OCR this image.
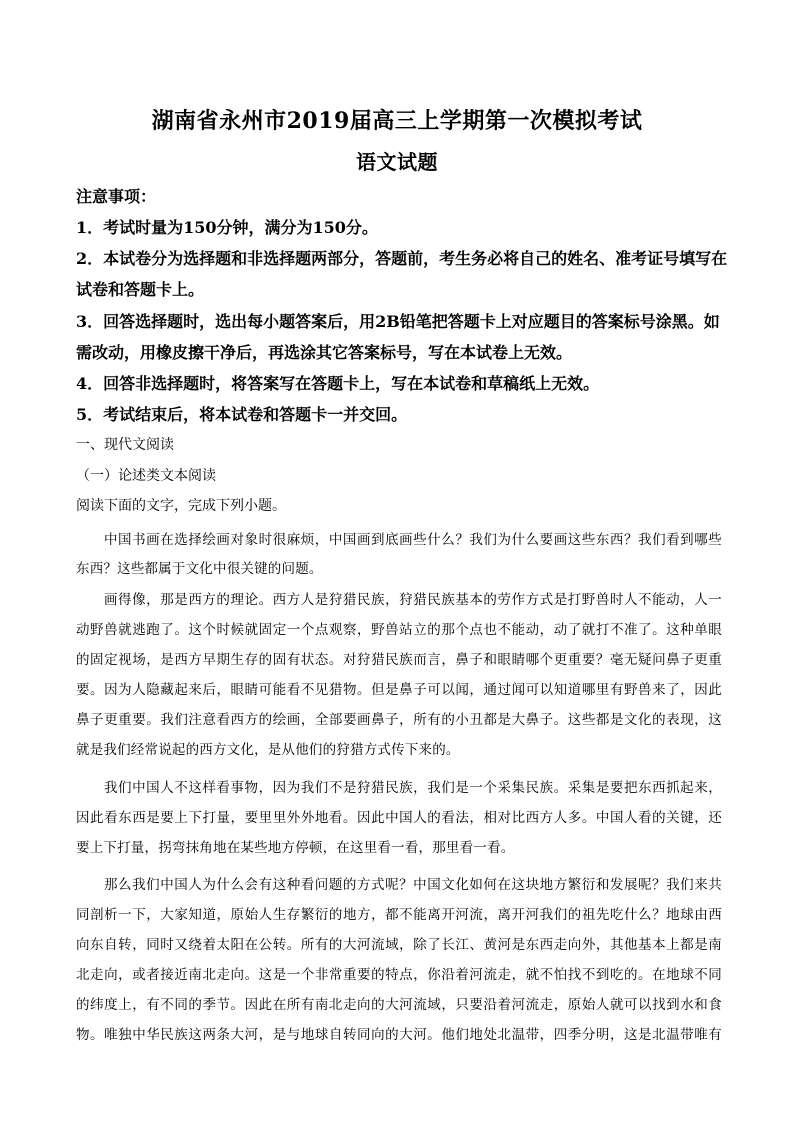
湖南省永州市2019届高三上学期第一次模拟考试
语文试题
注意事项：
1．考试时量为150分钟，满分为150分。
2．本试卷分为选择题和非选择题两部分，答题前，考生务必将自己的姓名、准考证号填写在
试卷和答题卡上。
3．回答选择题时，选出每小题答案后，用2B铅笔把答题卡上对应题目的答案标号涂黑。如
需改动，用橡皮擦干净后，再选涂其它答案标号，写在本试卷上无效。
4．回答非选择题时，将答案写在答题卡上，写在本试卷和草稿纸上无效。
5．考试结束后，将本试卷和答题卡一并交回。
一、现代文阅读
（一）论述类文本阅读
阅读下面的文字，完成下列小题。
中国书画在选择绘画对象时很麻烦，中国画到底画些什么？我们为什么要画这些东西？我们看到哪些
东西？这些都属于文化中很关键的问题。
画得像，那是西方的理论。西方人是狩猎民族，狩猎民族基本的劳作方式是打野兽时人不能动，人一
动野兽就逃跑了。这个时候就固定一个点观察，野兽站立的那个点也不能动，动了就打不准了。这种单眼
的固定视场，是西方早期生存的固有状态。对狩猎民族而言，鼻子和眼睛哪个更重要？毫无疑问鼻子更重
要。因为人隐藏起来后，眼睛可能看不见猎物。但是鼻子可以闻，通过闻可以知道哪里有野兽来了，因此
鼻子更重要。我们注意看西方的绘画，全部要画鼻子，所有的小丑都是大鼻子。这些都是文化的表现，这
就是我们经常说起的西方文化，是从他们的狩猎方式传下来的。
我们中国人不这样看事物，因为我们不是狩猎民族，我们是一个采集民族。采集是要把东西抓起来，
因此看东西是要上下打量，要里里外外地看。因此中国人的看法，相对比西方人多。中国人看的关键，还
要上下打量，拐弯抹角地在某些地方停顿，在这里看一看，那里看一看。
那么我们中国人为什么会有这种看问题的方式呢？中国文化如何在这块地方繁衍和发展呢？我们来共
同剖析一下，大家知道，原始人生存繁衍的地方，都不能离开河流，离开河我们的祖先吃什么？地球由西
向东自转，同时又绕着太阳在公转。所有的大河流域，除了长江、黄河是东西走向外，其他基本上都是南
北走向，或者接近南北走向。这是一个非常重要的特点，你沿着河流走，就不怕找不到吃的。在地球不同
的纬度上，有不同的季节。因此在所有南北走向的大河流域，只要沿着河流走，原始人就可以找到水和食
物。唯独中华民族这两条大河，是与地球自转同向的大河。他们地处北温带，四季分明，这是北温带唯有
